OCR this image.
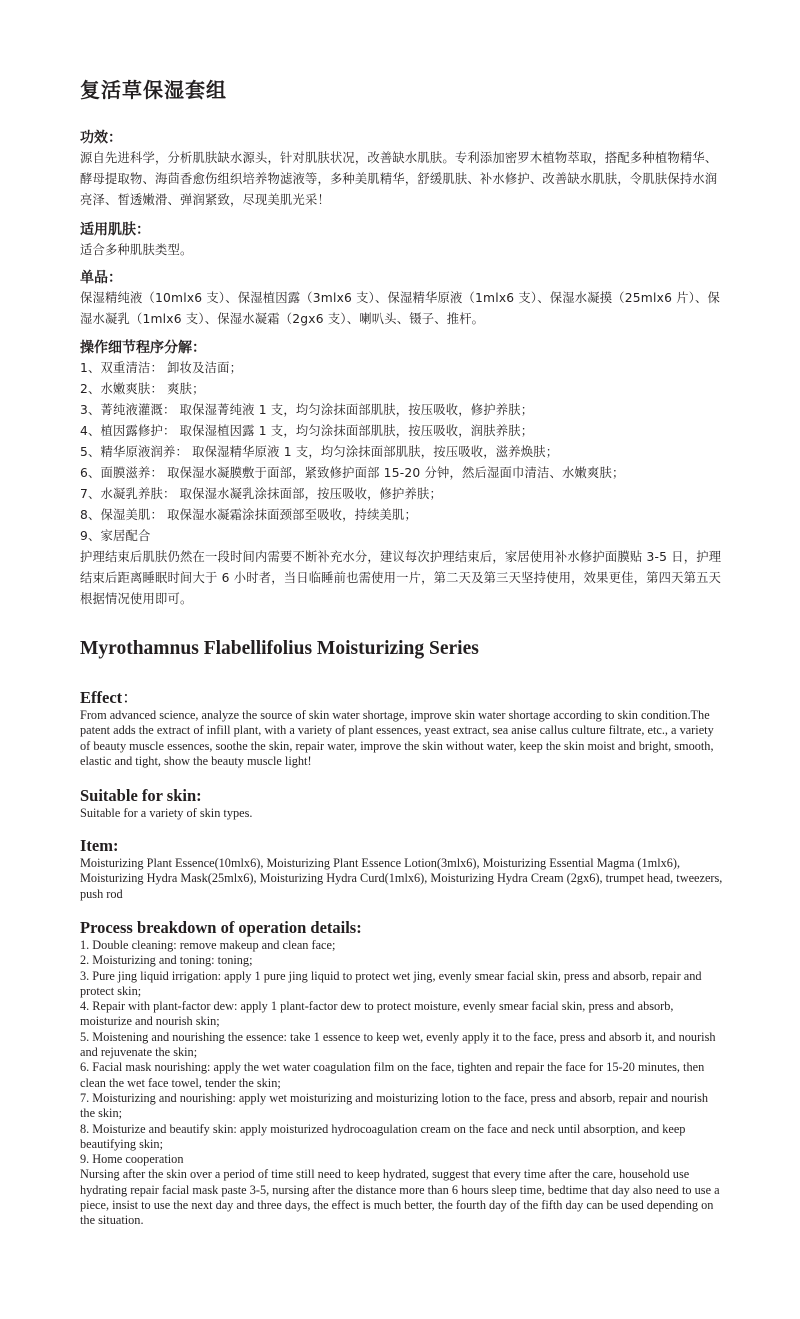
复活草保湿套组
功效：

源自先进科学，分析肌肤缺水源头，针对肌肤状况，改善缺水肌肤。专利添加密罗木植物萃取，搭配多种植物精华、酵母提取物、海茴香愈伤组织培养物滤液等，多种美肌精华，舒缓肌肤、补水修护、改善缺水肌肤，令肌肤保持水润亮泽、皙透嫩滑、弹润紧致，尽现美肌光采！

适用肌肤：

适合多种肌肤类型。

单品：

保湿精纯液（10mlx6 支）、保湿植因露（3mlx6 支）、保湿精华原液（1mlx6 支）、保湿水凝摸（25mlx6 片）、保湿水凝乳（1mlx6 支）、保湿水凝霜（2gx6 支）、喇叭头、镊子、推杆。

操作细节程序分解：
1、双重清洁： 卸妆及洁面；
2、水嫩爽肤： 爽肤；
3、菁纯液灌溉： 取保湿菁纯液 1 支，均匀涂抹面部肌肤，按压吸收，修护养肤；
4、植因露修护： 取保湿植因露 1 支，均匀涂抹面部肌肤，按压吸收，润肤养肤；
5、精华原液润养： 取保湿精华原液 1 支，均匀涂抹面部肌肤，按压吸收，滋养焕肤；
6、面膜滋养： 取保湿水凝膜敷于面部，紧致修护面部 15-20 分钟，然后湿面巾清洁、水嫩爽肤；
7、水凝乳养肤： 取保湿水凝乳涂抹面部，按压吸收，修护养肤；
8、保湿美肌： 取保湿水凝霜涂抹面颈部至吸收，持续美肌；
9、家居配合

护理结束后肌肤仍然在一段时间内需要不断补充水分，建议每次护理结束后，家居使用补水修护面膜贴 3-5 日，护理结束后距离睡眠时间大于 6 小时者，当日临睡前也需使用一片，第二天及第三天坚持使用，效果更佳，第四天第五天根据情况使用即可。

Myrothamnus Flabellifolius Moisturizing Series
Effect：

From advanced science, analyze the source of skin water shortage, improve skin water shortage according to skin condition.The patent adds the extract of infill plant, with a variety of plant essences, yeast extract, sea anise callus culture filtrate, etc., a variety of beauty muscle essences, soothe the skin, repair water, improve the skin without water, keep the skin moist and bright, smooth, elastic and tight, show the beauty muscle light!

Suitable for skin:

Suitable for a variety of skin types.

Item:

Moisturizing Plant Essence(10mlx6), Moisturizing Plant Essence Lotion(3mlx6), Moisturizing Essential Magma (1mlx6), Moisturizing Hydra Mask(25mlx6), Moisturizing Hydra Curd(1mlx6), Moisturizing Hydra Cream (2gx6), trumpet head, tweezers, push rod

Process breakdown of operation details:
1. Double cleaning: remove makeup and clean face;
2. Moisturizing and toning: toning;
3. Pure jing liquid irrigation: apply 1 pure jing liquid to protect wet jing, evenly smear facial skin, press and absorb, repair and protect skin;
4. Repair with plant-factor dew: apply 1 plant-factor dew to protect moisture, evenly smear facial skin, press and absorb, moisturize and nourish skin;
5. Moistening and nourishing the essence: take 1 essence to keep wet, evenly apply it to the face, press and absorb it, and nourish and rejuvenate the skin;
6. Facial mask nourishing: apply the wet water coagulation film on the face, tighten and repair the face for 15-20 minutes, then clean the wet face towel, tender the skin;
7. Moisturizing and nourishing: apply wet moisturizing and moisturizing lotion to the face, press and absorb, repair and nourish the skin;
8. Moisturize and beautify skin: apply moisturized hydrocoagulation cream on the face and neck until absorption, and keep beautifying skin;
9. Home cooperation

Nursing after the skin over a period of time still need to keep hydrated, suggest that every time after the care, household use hydrating repair facial mask paste 3-5, nursing after the distance more than 6 hours sleep time, bedtime that day also need to use a piece, insist to use the next day and three days, the effect is much better, the fourth day of the fifth day can be used depending on the situation.
